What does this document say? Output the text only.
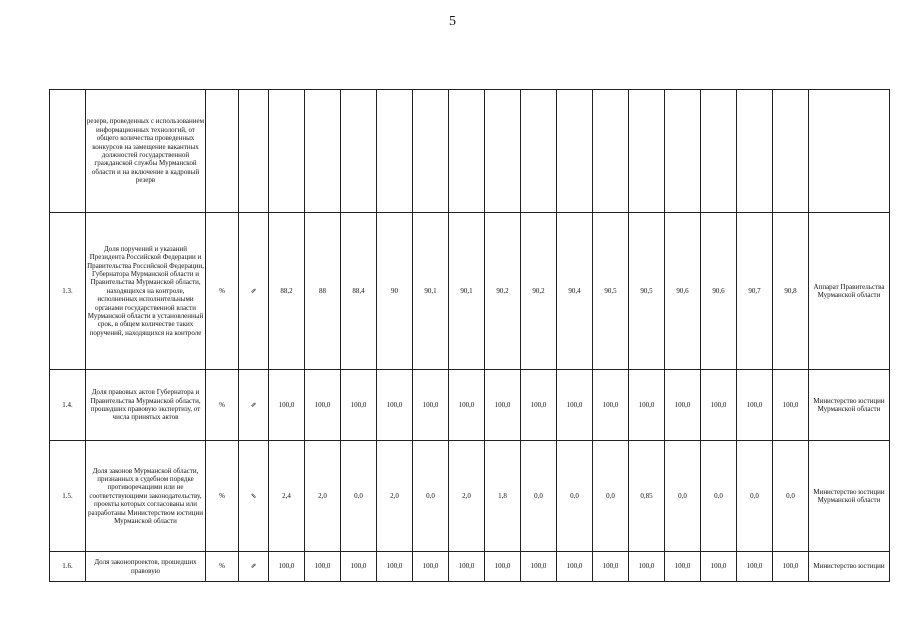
5
	резерв, проведенных с использованием информационных технологий, от общего количества проведенных конкурсов на замещение вакантных должностей государственной гражданской службы Мурманской области и на включение в кадровый резерв																		
1.3.	Доля поручений и указаний Президента Российской Федерации и Правительства Российской Федерации, Губернатора Мурманской области и Правительства Мурманской области, находящихся на контроле, исполненных исполнительными органами государственной власти Мурманской области в установленный срок, в общем количестве таких поручений, находящихся на контроле	%	⇗	88,2	88	88,4	90	90,1	90,1	90,2	90,2	90,4	90,5	90,5	90,6	90,6	90,7	90,8	Аппарат Правительства Мурманской области
1.4.	Доля правовых актов Губернатора и Правительства Мурманской области, прошедших правовую экспертизу, от числа принятых актов	%	⇗	100,0	100,0	100,0	100,0	100,0	100,0	100,0	100,0	100,0	100,0	100,0	100,0	100,0	100,0	100,0	Министерство юстиции Мурманской области
1.5.	Доля законов Мурманской области, признанных в судебном порядке противоречащими или не соответствующими законодательству, проекты которых согласованы или разработаны Министерством юстиции Мурманской области	%	⇘	2,4	2,0	0,0	2,0	0,0	2,0	1,8	0,0	0,0	0,0	0,85	0,0	0,0	0,0	0,0	Министерство юстиции Мурманской области
1.6.	Доля законопроектов, прошедших правовую	%	⇗	100,0	100,0	100,0	100,0	100,0	100,0	100,0	100,0	100,0	100,0	100,0	100,0	100,0	100,0	100,0	Министерство юстиции
